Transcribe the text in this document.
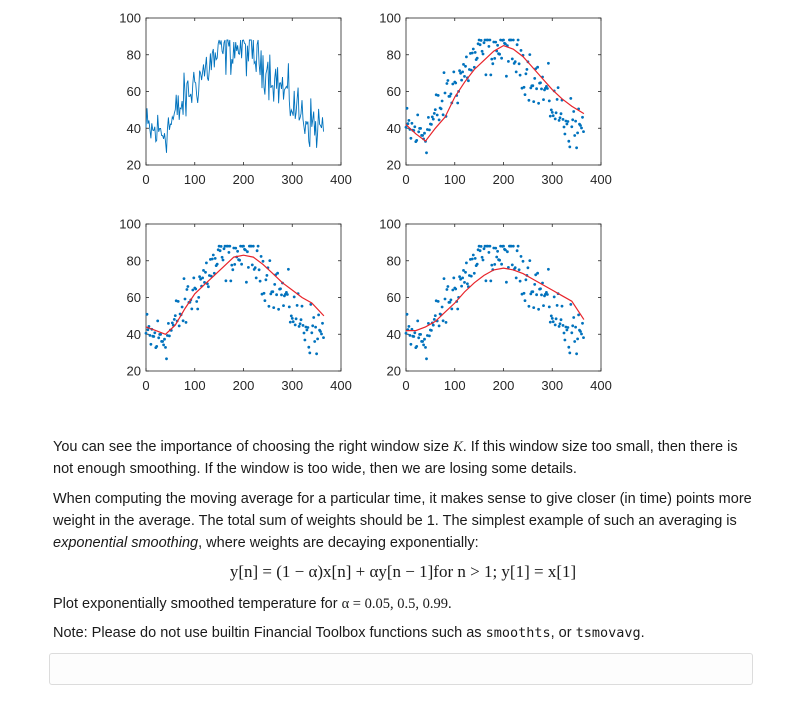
0	100 200 300 400
20
40
60
80
100
0	100 200 300 400
20
40
60
80
100
0	100 200 300 400
20
40
60
80
100
0	100 200 300 400
20
40
60
80
100
You can see the importance of choosing the right window size K. If this window size too small, then there is not enough smoothing. If the window is too wide, then we are losing some details.
When computing the moving average for a particular time, it makes sense to give closer (in time) points more weight in the average. The total sum of weights should be 1. The simplest example of such an averaging is exponential smoothing, where weights are decaying exponentially:
y[n] = (1 − α)x[n] + αy[n − 1]for n > 1; y[1] = x[1]
Plot exponentially smoothed temperature for α = 0.05, 0.5, 0.99.
Note: Please do not use builtin Financial Toolbox functions such as smoothts, or tsmovavg.
